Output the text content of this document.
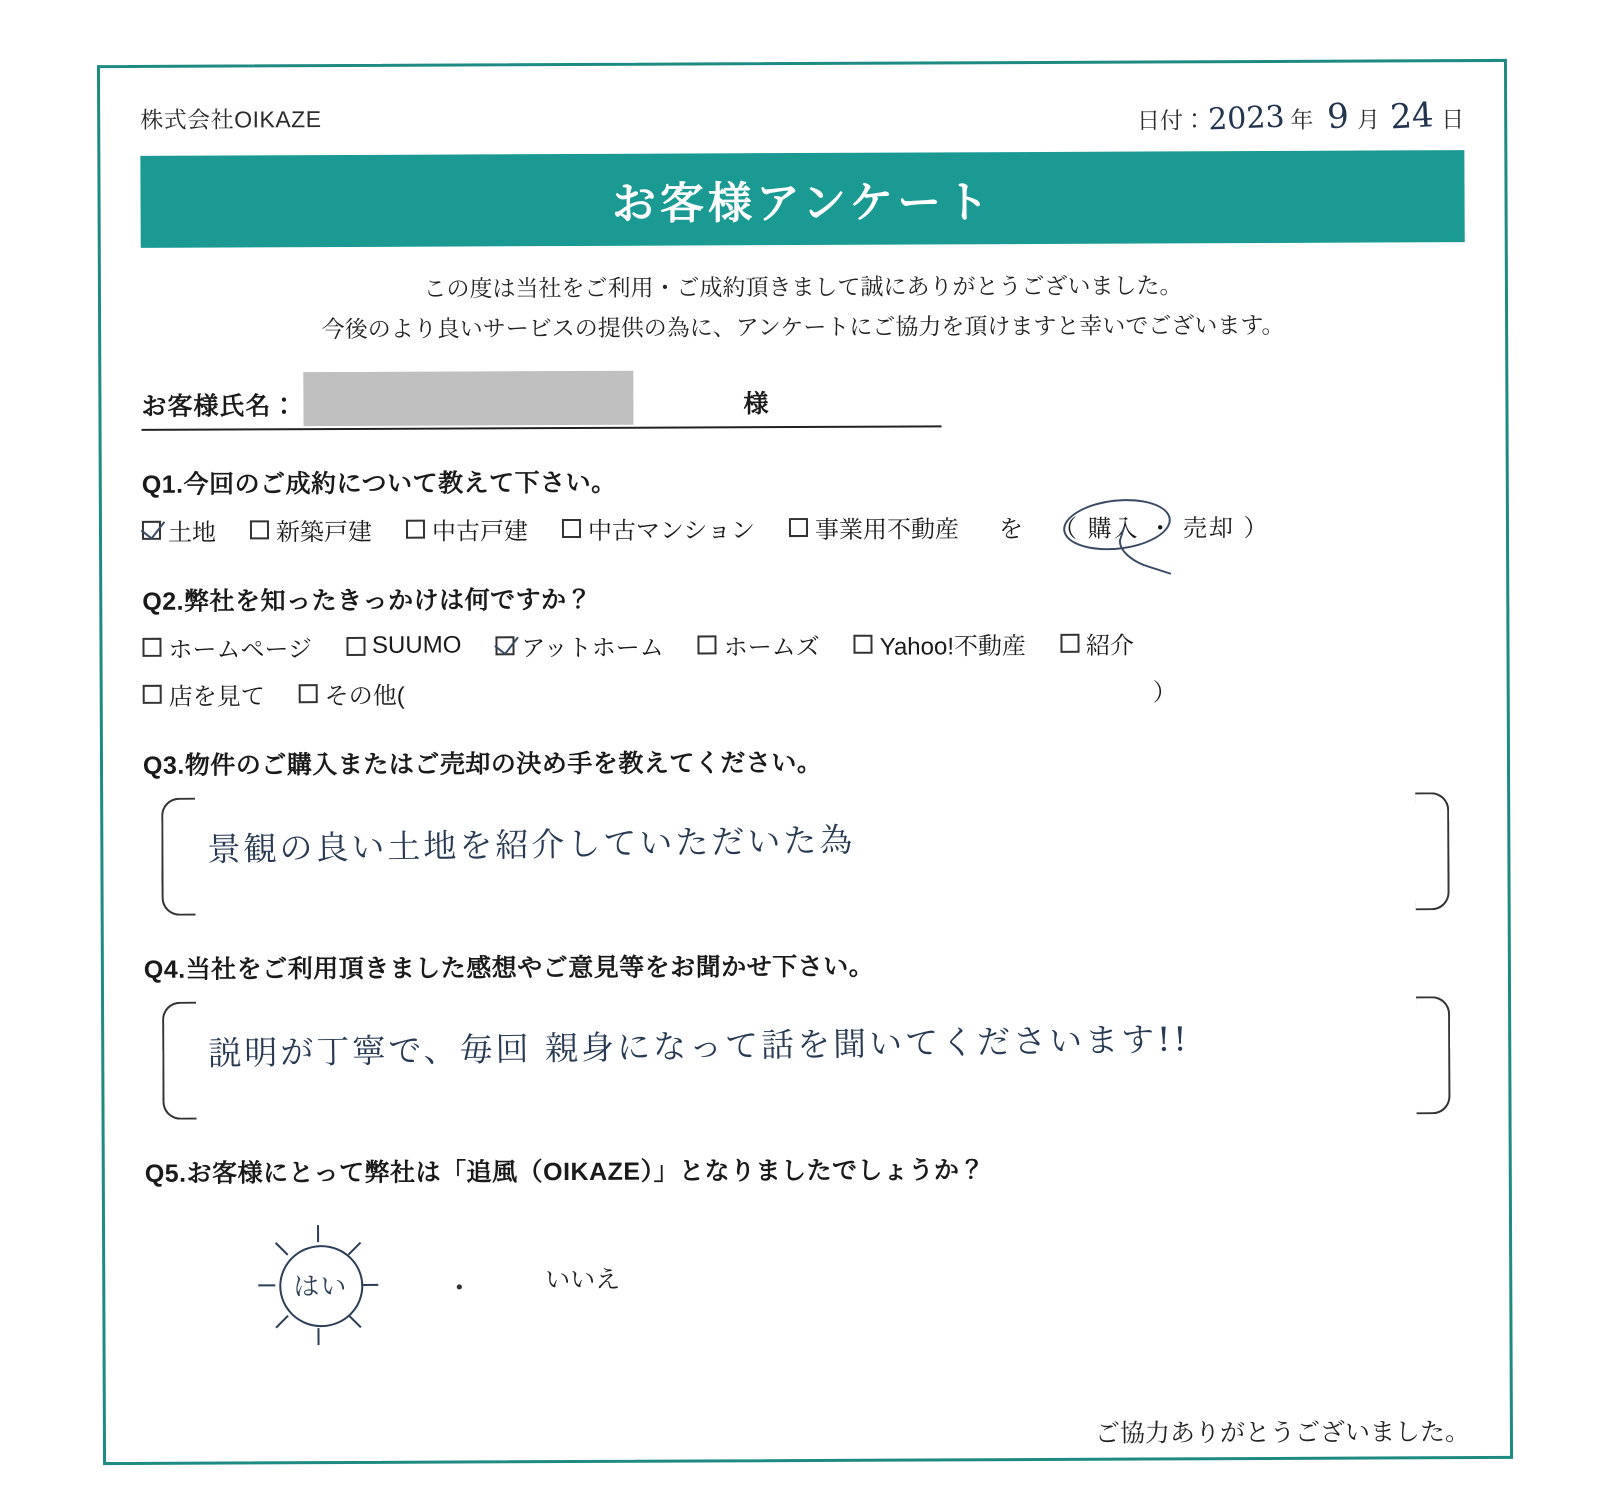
株式会社OIKAZE	日付： 2023 年 9 月 24 日
お客様アンケート
この度は当社をご利用・ご成約頂きまして誠にありがとうございました。
今後のより良いサービスの提供の為に、アンケートにご協力を頂けますと幸いでございます。
お客様氏名：	様
Q1.今回のご成約について教えて下さい。
土地 新築戸建 中古戸建 中古マンション 事業用不動産 を （ 購入 ・ 売却 ）
Q2.弊社を知ったきっかけは何ですか？
ホームページ SUUMO アットホーム ホームズ Yahoo!不動産 紹介
店を見て その他(	）
Q3.物件のご購入またはご売却の決め手を教えてください。
景観の良い土地を紹介していただいた為
Q4.当社をご利用頂きました感想やご意見等をお聞かせ下さい。
説明が丁寧で、毎回 親身になって話を聞いてくださいます!!
Q5.お客様にとって弊社は「追風（OIKAZE）」となりましたでしょうか？
はい	・	いいえ
ご協力ありがとうございました。
